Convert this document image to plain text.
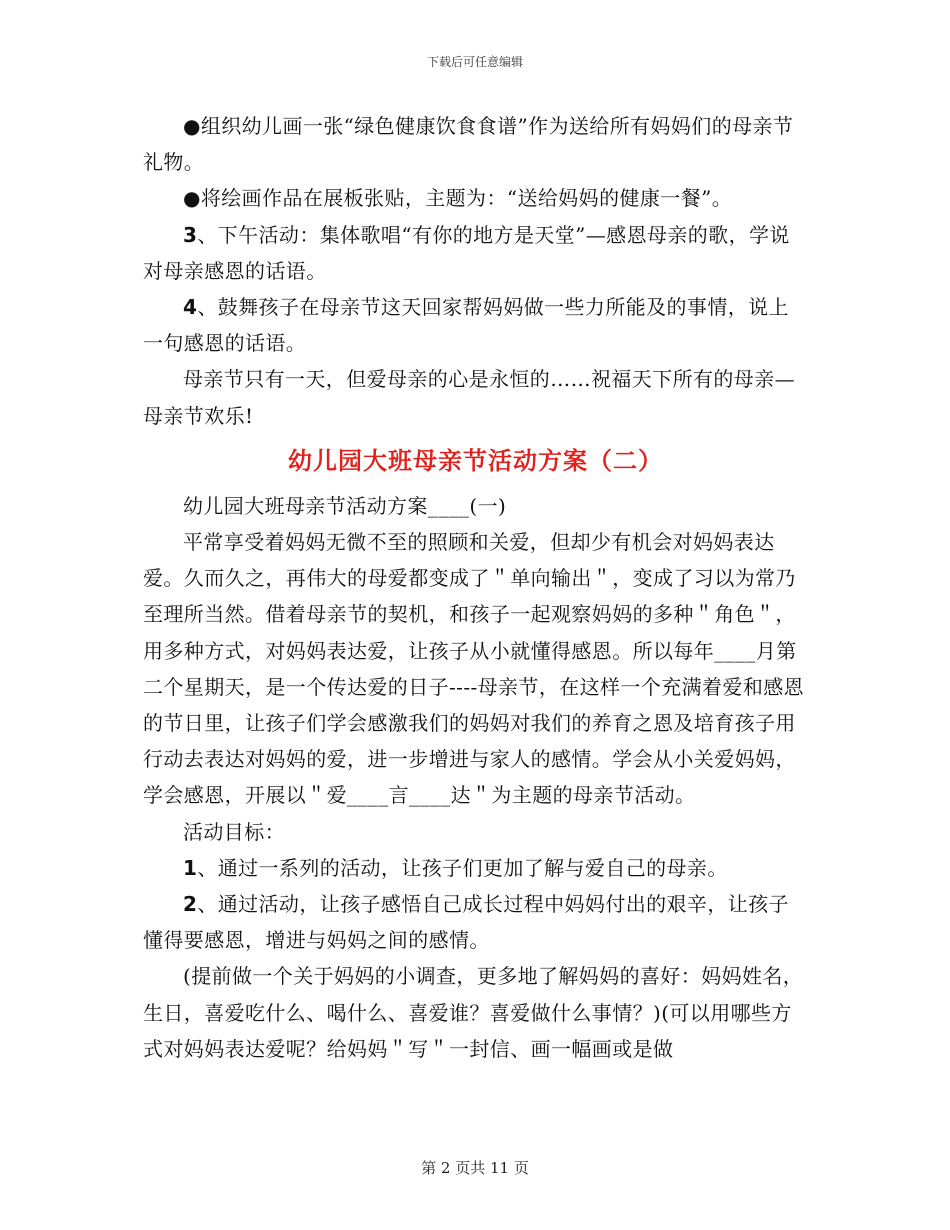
下载后可任意编辑

●组织幼儿画一张“绿色健康饮食食谱”作为送给所有妈妈们的母亲节礼物。

●将绘画作品在展板张贴，主题为：“送给妈妈的健康一餐”。

3、下午活动：集体歌唱“有你的地方是天堂”—感恩母亲的歌，学说对母亲感恩的话语。

4、鼓舞孩子在母亲节这天回家帮妈妈做一些力所能及的事情，说上一句感恩的话语。

母亲节只有一天，但爱母亲的心是永恒的……祝福天下所有的母亲—母亲节欢乐!

幼儿园大班母亲节活动方案（二）

幼儿园大班母亲节活动方案____(一)

平常享受着妈妈无微不至的照顾和关爱，但却少有机会对妈妈表达爱。久而久之，再伟大的母爱都变成了＂单向输出＂，变成了习以为常乃至理所当然。借着母亲节的契机，和孩子一起观察妈妈的多种＂角色＂，用多种方式，对妈妈表达爱，让孩子从小就懂得感恩。所以每年____月第二个星期天，是一个传达爱的日子----母亲节，在这样一个充满着爱和感恩的节日里，让孩子们学会感激我们的妈妈对我们的养育之恩及培育孩子用行动去表达对妈妈的爱，进一步增进与家人的感情。学会从小关爱妈妈，学会感恩，开展以＂爱____言____达＂为主题的母亲节活动。

活动目标：

1、通过一系列的活动，让孩子们更加了解与爱自己的母亲。

2、通过活动，让孩子感悟自己成长过程中妈妈付出的艰辛，让孩子懂得要感恩，增进与妈妈之间的感情。

(提前做一个关于妈妈的小调查，更多地了解妈妈的喜好：妈妈姓名，生日，喜爱吃什么、喝什么、喜爱谁？喜爱做什么事情？)(可以用哪些方式对妈妈表达爱呢？给妈妈＂写＂一封信、画一幅画或是做

第 2 页共 11 页
